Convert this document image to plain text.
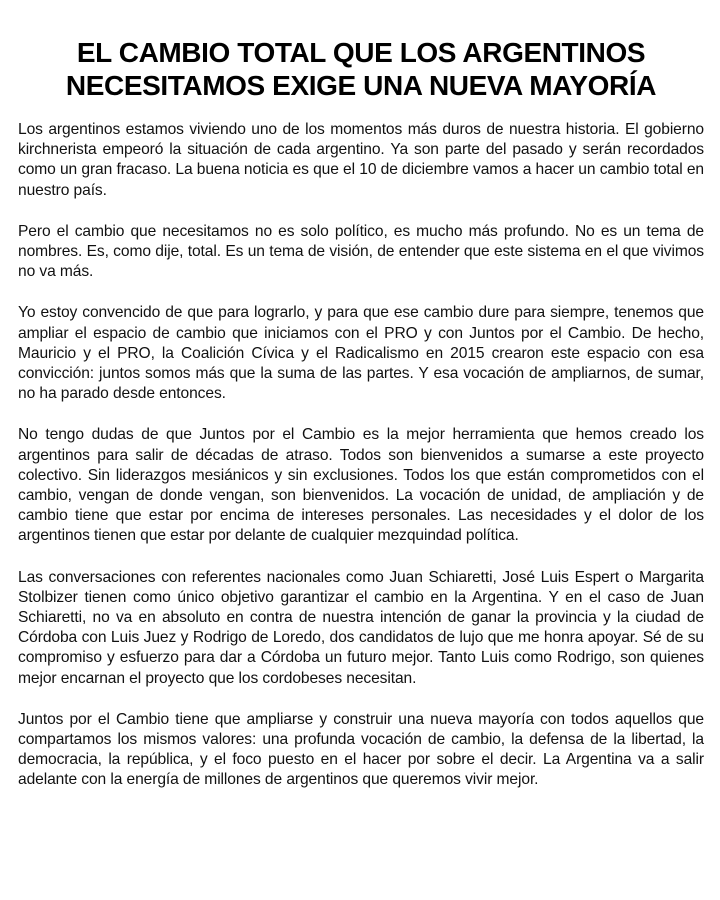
EL CAMBIO TOTAL QUE LOS ARGENTINOS
NECESITAMOS EXIGE UNA NUEVA MAYORÍA

Los argentinos estamos viviendo uno de los momentos más duros de nuestra historia. El gobierno kirchnerista empeoró la situación de cada argentino. Ya son parte del pasado y serán recordados como un gran fracaso. La buena noticia es que el 10 de diciembre vamos a hacer un cambio total en nuestro país.

Pero el cambio que necesitamos no es solo político, es mucho más profundo. No es un tema de nombres. Es, como dije, total. Es un tema de visión, de entender que este sistema en el que vivimos no va más.

Yo estoy convencido de que para lograrlo, y para que ese cambio dure para siempre, tenemos que ampliar el espacio de cambio que iniciamos con el PRO y con Juntos por el Cambio. De hecho, Mauricio y el PRO, la Coalición Cívica y el Radicalismo en 2015 crearon este espacio con esa convicción: juntos somos más que la suma de las partes. Y esa vocación de ampliarnos, de sumar, no ha parado desde entonces.

No tengo dudas de que Juntos por el Cambio es la mejor herramienta que hemos creado los argentinos para salir de décadas de atraso. Todos son bienvenidos a sumarse a este proyecto colectivo. Sin liderazgos mesiánicos y sin exclusiones. Todos los que están comprometidos con el cambio, vengan de donde vengan, son bienvenidos. La vocación de unidad, de ampliación y de cambio tiene que estar por encima de intereses personales. Las necesidades y el dolor de los argentinos tienen que estar por delante de cualquier mezquindad política.

Las conversaciones con referentes nacionales como Juan Schiaretti, José Luis Espert o Margarita Stolbizer tienen como único objetivo garantizar el cambio en la Argentina. Y en el caso de Juan Schiaretti, no va en absoluto en contra de nuestra intención de ganar la provincia y la ciudad de Córdoba con Luis Juez y Rodrigo de Loredo, dos candidatos de lujo que me honra apoyar. Sé de su compromiso y esfuerzo para dar a Córdoba un futuro mejor. Tanto Luis como Rodrigo, son quienes mejor encarnan el proyecto que los cordobeses necesitan.

Juntos por el Cambio tiene que ampliarse y construir una nueva mayoría con todos aquellos que compartamos los mismos valores: una profunda vocación de cambio, la defensa de la libertad, la democracia, la república, y el foco puesto en el hacer por sobre el decir. La Argentina va a salir adelante con la energía de millones de argentinos que queremos vivir mejor.
